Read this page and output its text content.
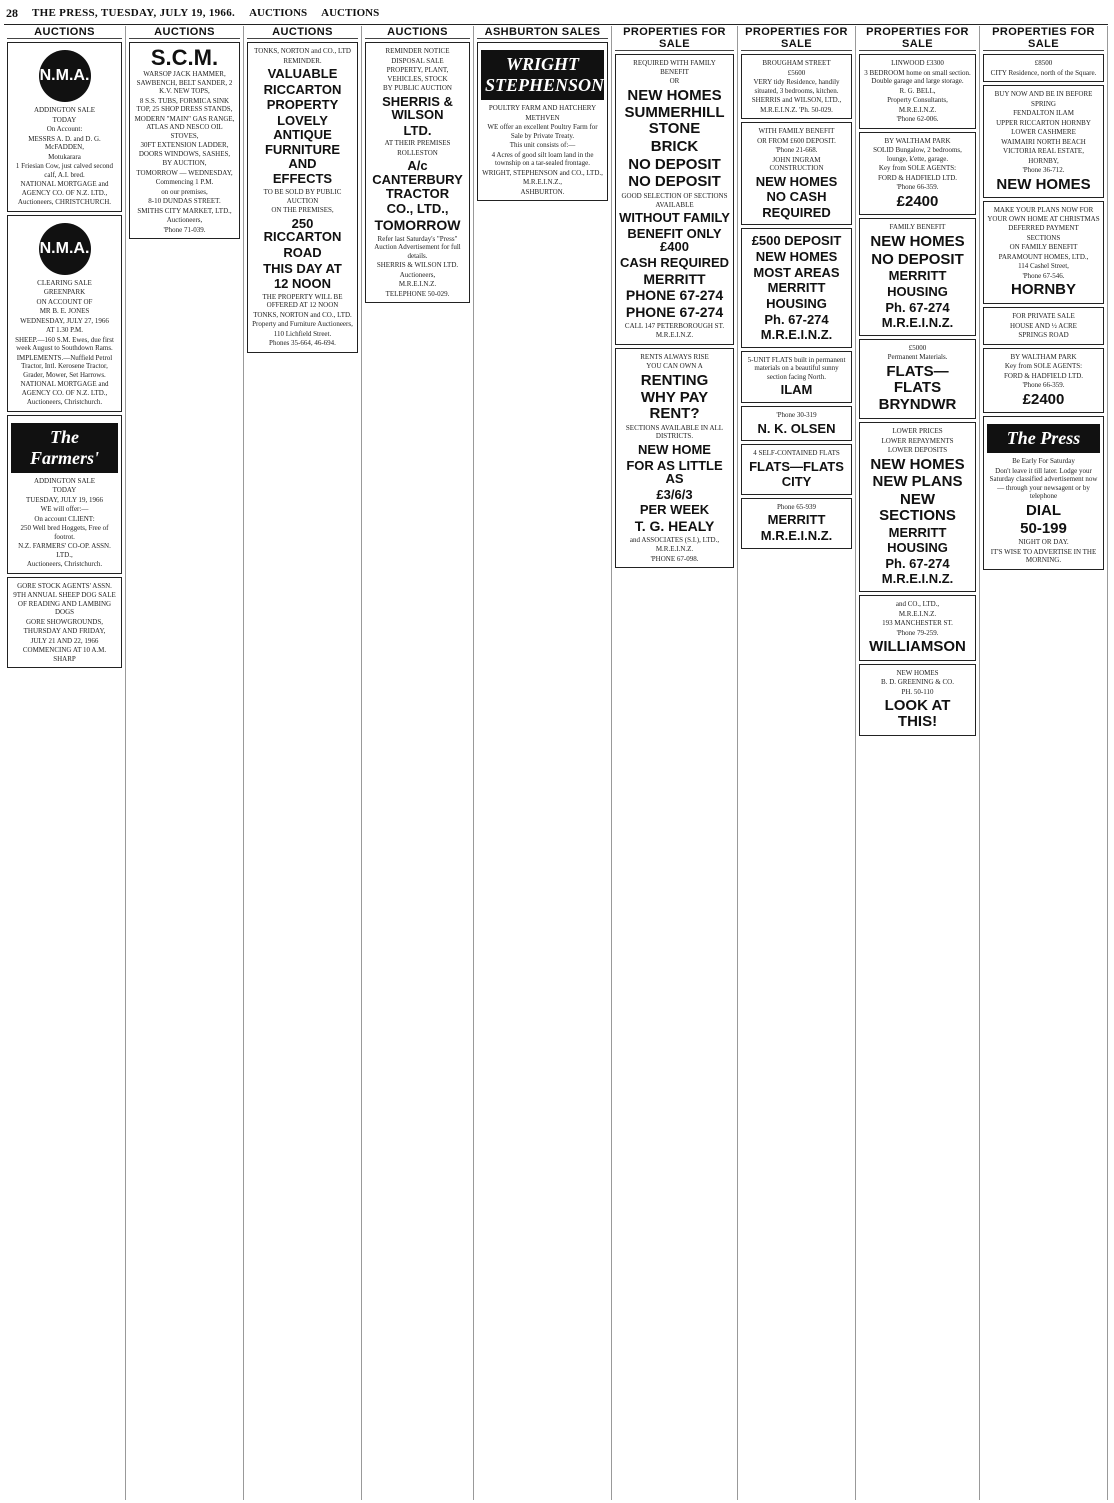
28 THE PRESS, TUESDAY, JULY 19, 1966. AUCTIONS AUCTIONS
AUCTIONS
N.M.A.
ADDINGTON SALE
TODAY
On Account:
MESSRS A. D. and D. G. McFADDEN,
Motukarara
1 Friesian Cow, just calved second calf, A.I. bred.
NATIONAL MORTGAGE and AGENCY CO. OF N.Z. LTD.,
Auctioneers, CHRISTCHURCH.
N.M.A.
CLEARING SALE
GREENPARK
ON ACCOUNT OF
MR B. E. JONES
WEDNESDAY, JULY 27, 1966
AT 1.30 P.M.
SHEEP.—160 S.M. Ewes, due first week August to Southdown Rams.
IMPLEMENTS.—Nuffield Petrol Tractor, Intl. Kerosene Tractor, Grader, Mower, Set Harrows.
NATIONAL MORTGAGE and AGENCY CO. OF N.Z. LTD.,
Auctioneers, Christchurch.
The Farmers'
ADDINGTON SALE
TODAY
TUESDAY, JULY 19, 1966
WE will offer:—
On account CLIENT:
250 Well bred Hoggets, Free of footrot.
N.Z. FARMERS' CO-OP. ASSN. LTD.,
Auctioneers, Christchurch.
GORE STOCK AGENTS' ASSN.
9TH ANNUAL SHEEP DOG SALE OF READING AND LAMBING DOGS
GORE SHOWGROUNDS,
THURSDAY AND FRIDAY,
JULY 21 AND 22, 1966
COMMENCING AT 10 A.M. SHARP
AUCTIONS
S.C.M.
WARSOP JACK HAMMER, SAWBENCH, BELT SANDER, 2 K.V. NEW TOPS,
8 S.S. TUBS, FORMICA SINK TOP, 25 SHOP DRESS STANDS,
MODERN "MAIN" GAS RANGE, ATLAS AND NESCO OIL STOVES,
30FT EXTENSION LADDER, DOORS WINDOWS, SASHES,
BY AUCTION,
TOMORROW — WEDNESDAY,
Commencing 1 P.M.
on our premises,
8-10 DUNDAS STREET.
SMITHS CITY MARKET, LTD.,
Auctioneers,
'Phone 71-039.
AUCTIONS
TONKS, NORTON and CO., LTD
REMINDER.
VALUABLE
RICCARTON
PROPERTY
LOVELY ANTIQUE
FURNITURE AND
EFFECTS
TO BE SOLD BY PUBLIC AUCTION
ON THE PREMISES,
250 RICCARTON
ROAD
THIS DAY AT
12 NOON
THE PROPERTY WILL BE OFFERED AT 12 NOON
TONKS, NORTON and CO., LTD.
Property and Furniture Auctioneers,
110 Lichfield Street.
Phones 35-664, 46-694.
AUCTIONS
REMINDER NOTICE
DISPOSAL SALE
PROPERTY, PLANT, VEHICLES, STOCK
BY PUBLIC AUCTION
SHERRIS & WILSON
LTD.
AT THEIR PREMISES
ROLLESTON
A/c CANTERBURY TRACTOR
CO., LTD.,
TOMORROW
Refer last Saturday's "Press" Auction Advertisement for full details.
SHERRIS & WILSON LTD.
Auctioneers,
M.R.E.I.N.Z.
TELEPHONE 50-029.
ASHBURTON SALES
WRIGHT STEPHENSON
POULTRY FARM AND HATCHERY
METHVEN
WE offer an excellent Poultry Farm for Sale by Private Treaty.
This unit consists of:—
4 Acres of good silt loam land in the township on a tar-sealed frontage.
WRIGHT, STEPHENSON and CO., LTD.,
M.R.E.I.N.Z.,
ASHBURTON.
PROPERTIES FOR SALE
REQUIRED WITH FAMILY BENEFIT
OR
NEW HOMES
SUMMERHILL STONE
BRICK
NO DEPOSIT
NO DEPOSIT
GOOD SELECTION OF SECTIONS AVAILABLE
WITHOUT FAMILY
BENEFIT ONLY £400
CASH REQUIRED
MERRITT
PHONE 67-274
PHONE 67-274
CALL 147 PETERBOROUGH ST.
M.R.E.I.N.Z.
RENTS ALWAYS RISE
YOU CAN OWN A
RENTING
WHY PAY RENT?
SECTIONS AVAILABLE IN ALL DISTRICTS.
NEW HOME
FOR AS LITTLE AS
£3/6/3
PER WEEK
T. G. HEALY
and ASSOCIATES (S.I.), LTD.,
M.R.E.I.N.Z.
'PHONE 67-098.
PROPERTIES FOR SALE
BROUGHAM STREET
£5600
VERY tidy Residence, handily situated, 3 bedrooms, kitchen.
SHERRIS and WILSON, LTD.,
M.R.E.I.N.Z. 'Ph. 50-029.
WITH FAMILY BENEFIT
OR FROM £600 DEPOSIT.
'Phone 21-668.
JOHN INGRAM CONSTRUCTION
NEW HOMES
NO CASH
REQUIRED
£500 DEPOSIT
NEW HOMES
MOST AREAS
MERRITT
HOUSING
Ph. 67-274
M.R.E.I.N.Z.
5-UNIT FLATS built in permanent materials on a beautiful sunny section facing North.
ILAM
'Phone 30-319
N. K. OLSEN
4 SELF-CONTAINED FLATS
FLATS—FLATS
CITY
Phone 65-939
MERRITT
M.R.E.I.N.Z.
PROPERTIES FOR SALE
LINWOOD £3300
3 BEDROOM home on small section. Double garage and large storage.
R. G. BELL,
Property Consultants,
M.R.E.I.N.Z.
'Phone 62-006.
BY WALTHAM PARK
SOLID Bungalow, 2 bedrooms, lounge, k'ette, garage.
Key from SOLE AGENTS:
FORD & HADFIELD LTD.
'Phone 66-359.
£2400
FAMILY BENEFIT
NEW HOMES
NO DEPOSIT
MERRITT
HOUSING
Ph. 67-274
M.R.E.I.N.Z.
£5000
Permanent Materials.
FLATS—FLATS
BRYNDWR
LOWER PRICES
LOWER REPAYMENTS
LOWER DEPOSITS
NEW HOMES
NEW PLANS
NEW SECTIONS
MERRITT
HOUSING
Ph. 67-274
M.R.E.I.N.Z.
and CO., LTD.,
M.R.E.I.N.Z.
193 MANCHESTER ST.
'Phone 79-259.
WILLIAMSON
NEW HOMES
B. D. GREENING & CO.
PH. 50-110
LOOK AT THIS!
PROPERTIES FOR SALE
£8500
CITY Residence, north of the Square.
BUY NOW AND BE IN BEFORE
SPRING
FENDALTON ILAM
UPPER RICCARTON HORNBY
LOWER CASHMERE
WAIMAIRI NORTH BEACH
VICTORIA REAL ESTATE,
HORNBY,
'Phone 36-712.
NEW HOMES
MAKE YOUR PLANS NOW FOR YOUR OWN HOME AT CHRISTMAS
DEFERRED PAYMENT
SECTIONS
ON FAMILY BENEFIT
PARAMOUNT HOMES, LTD.,
114 Cashel Street,
'Phone 67-546.
HORNBY
FOR PRIVATE SALE
HOUSE AND ½ ACRE
SPRINGS ROAD
BY WALTHAM PARK
Key from SOLE AGENTS:
FORD & HADFIELD LTD.
'Phone 66-359.
£2400
The Press
Be Early For Saturday
Don't leave it till later. Lodge your Saturday classified advertisement now — through your newsagent or by telephone
DIAL
50-199
NIGHT OR DAY.
IT'S WISE TO ADVERTISE IN THE MORNING.
